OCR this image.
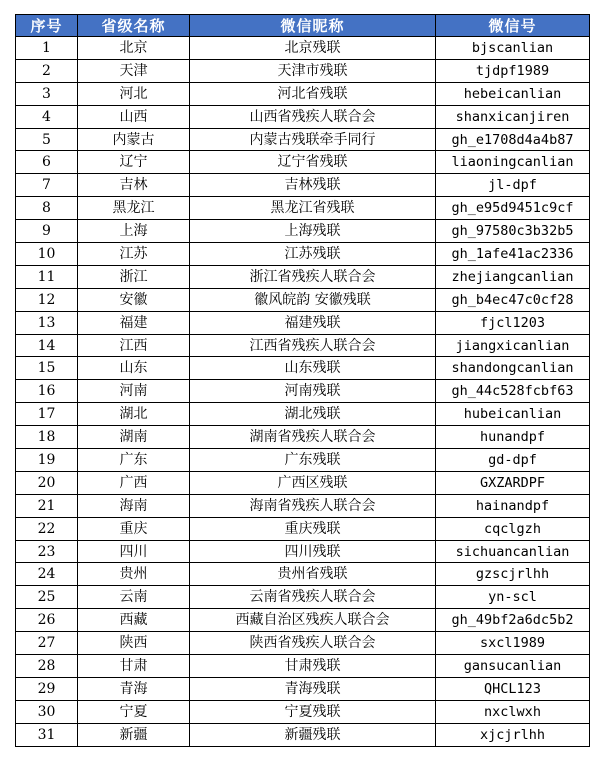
序号	省级名称	微信昵称	微信号
1	北京	北京残联	bjscanlian
2	天津	天津市残联	tjdpf1989
3	河北	河北省残联	hebeicanlian
4	山西	山西省残疾人联合会	shanxicanjiren
5	内蒙古	内蒙古残联牵手同行	gh_e1708d4a4b87
6	辽宁	辽宁省残联	liaoningcanlian
7	吉林	吉林残联	jl-dpf
8	黑龙江	黑龙江省残联	gh_e95d9451c9cf
9	上海	上海残联	gh_97580c3b32b5
10	江苏	江苏残联	gh_1afe41ac2336
11	浙江	浙江省残疾人联合会	zhejiangcanlian
12	安徽	徽风皖韵 安徽残联	gh_b4ec47c0cf28
13	福建	福建残联	fjcl1203
14	江西	江西省残疾人联合会	jiangxicanlian
15	山东	山东残联	shandongcanlian
16	河南	河南残联	gh_44c528fcbf63
17	湖北	湖北残联	hubeicanlian
18	湖南	湖南省残疾人联合会	hunandpf
19	广东	广东残联	gd-dpf
20	广西	广西区残联	GXZARDPF
21	海南	海南省残疾人联合会	hainandpf
22	重庆	重庆残联	cqclgzh
23	四川	四川残联	sichuancanlian
24	贵州	贵州省残联	gzscjrlhh
25	云南	云南省残疾人联合会	yn-scl
26	西藏	西藏自治区残疾人联合会	gh_49bf2a6dc5b2
27	陕西	陕西省残疾人联合会	sxcl1989
28	甘肃	甘肃残联	gansucanlian
29	青海	青海残联	QHCL123
30	宁夏	宁夏残联	nxclwxh
31	新疆	新疆残联	xjcjrlhh
